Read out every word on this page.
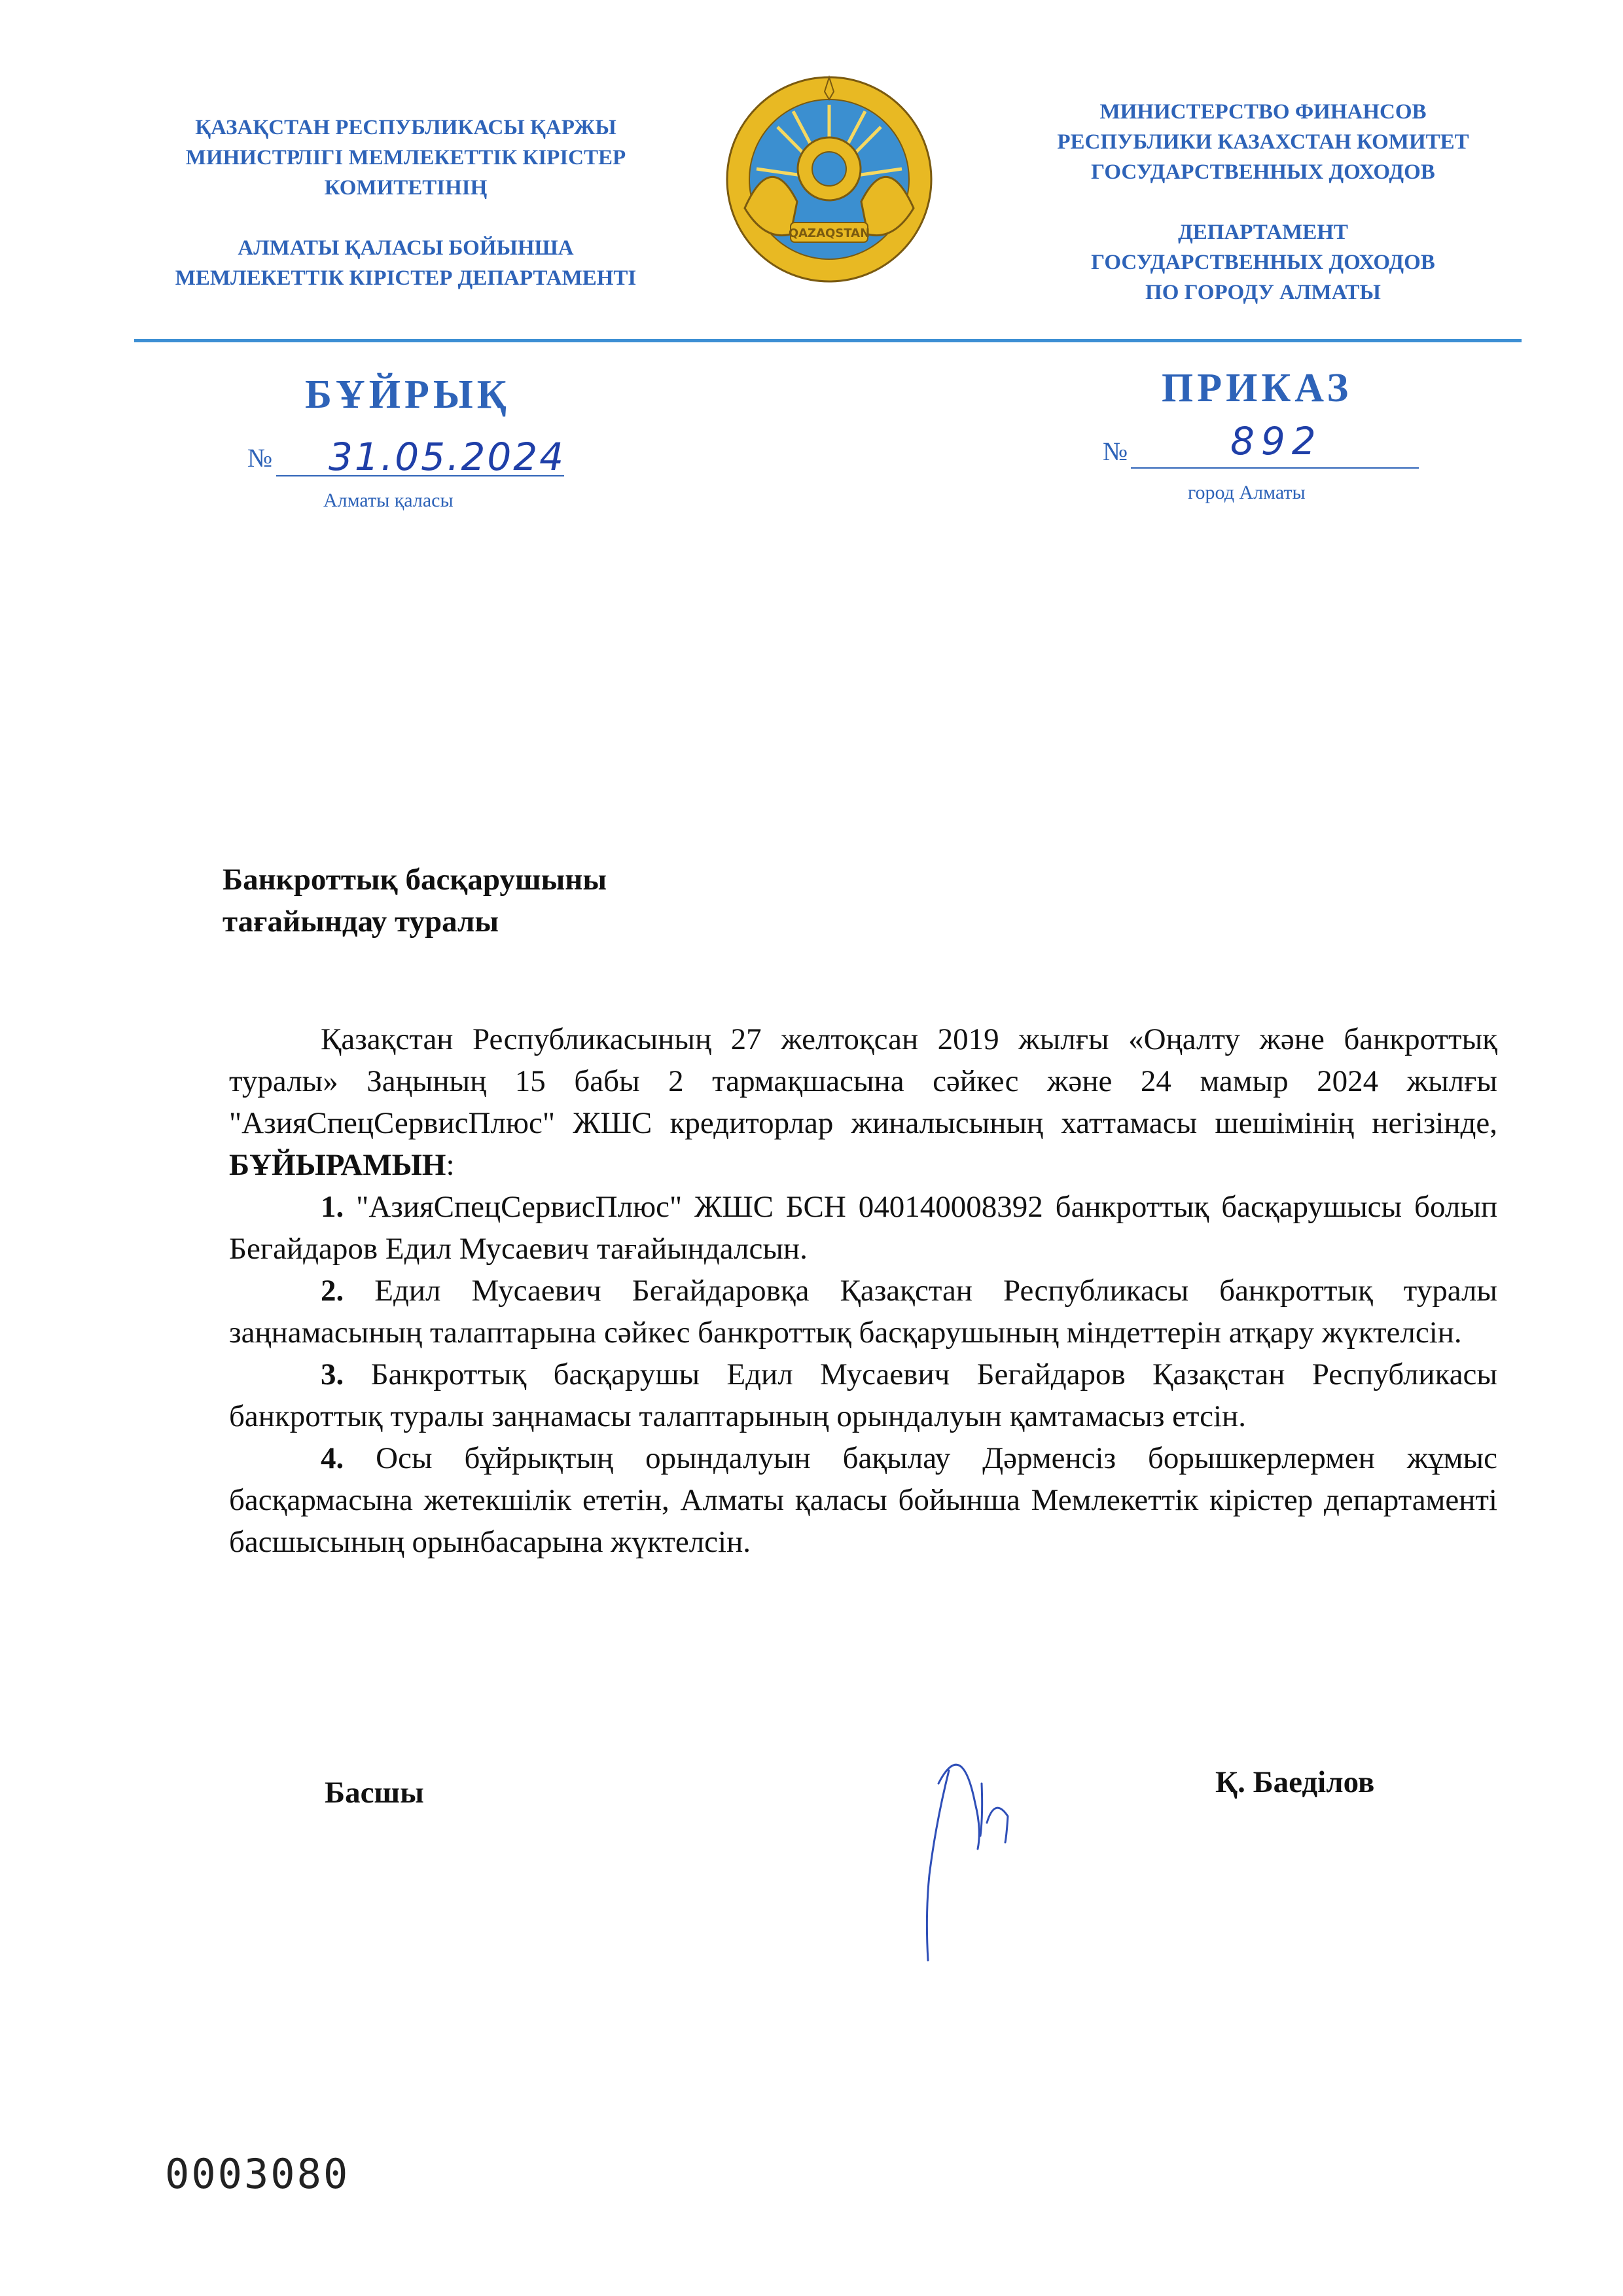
ҚАЗАҚСТАН РЕСПУБЛИКАСЫ ҚАРЖЫ
МИНИСТРЛІГІ МЕМЛЕКЕТТІК КІРІСТЕР
КОМИТЕТІНІҢ
АЛМАТЫ ҚАЛАСЫ БОЙЫНША
МЕМЛЕКЕТТІК КІРІСТЕР ДЕПАРТАМЕНТІ
QAZAQSTAN
МИНИСТЕРСТВО ФИНАНСОВ
РЕСПУБЛИКИ КАЗАХСТАН КОМИТЕТ
ГОСУДАРСТВЕННЫХ ДОХОДОВ
ДЕПАРТАМЕНТ
ГОСУДАРСТВЕННЫХ ДОХОДОВ
ПО ГОРОДУ АЛМАТЫ
БҰЙРЫҚ	ПРИКАЗ
№ 31.05.2024
Алматы қаласы
№	892
город Алматы
Банкроттық басқарушыны
тағайындау туралы

Қазақстан Республикасының 27 желтоқсан 2019 жылғы «Оңалту және банкроттық туралы» Заңының 15 бабы 2 тармақшасына сәйкес және 24 мамыр 2024 жылғы "АзияСпецСервисПлюс" ЖШС кредиторлар жиналысының хаттамасы шешімінің негізінде, БҰЙЫРАМЫН:

1. "АзияСпецСервисПлюс" ЖШС БСН 040140008392 банкроттық басқарушысы болып Бегайдаров Едил Мусаевич тағайындалсын.

2. Едил Мусаевич Бегайдаровқа Қазақстан Республикасы банкроттық туралы заңнамасының талаптарына сәйкес банкроттық басқарушының міндеттерін атқару жүктелсін.

3. Банкроттық басқарушы Едил Мусаевич Бегайдаров Қазақстан Республикасы банкроттық туралы заңнамасы талаптарының орындалуын қамтамасыз етсін.

4. Осы бұйрықтың орындалуын бақылау Дәрменсіз борышкерлермен жұмыс басқармасына жетекшілік ететін, Алматы қаласы бойынша Мемлекеттік кірістер департаменті басшысының орынбасарына жүктелсін.

Басшы	Қ. Баеділов
0003080
